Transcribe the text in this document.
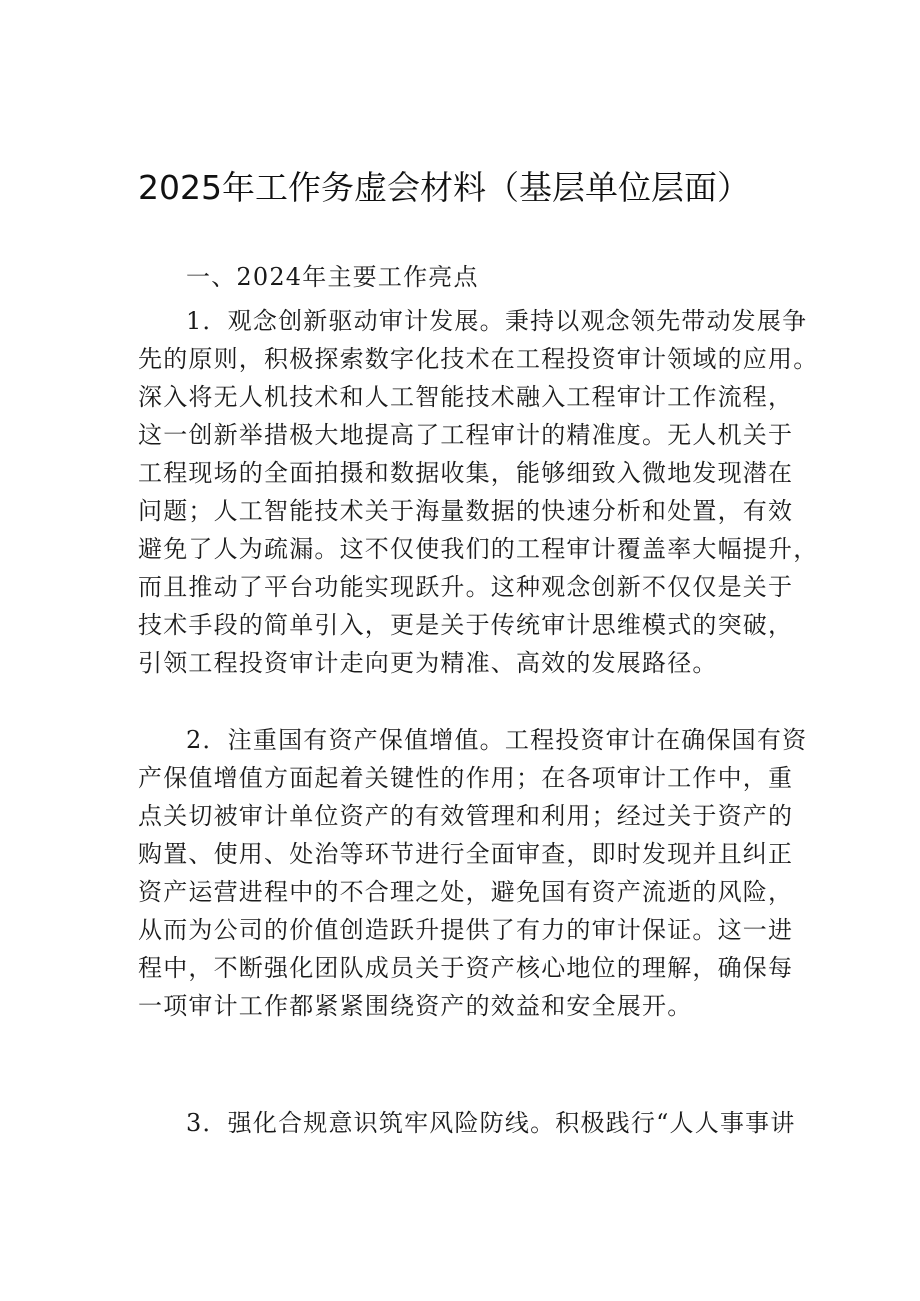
2025年工作务虚会材料（基层单位层面）
一、2024年主要工作亮点
1．观念创新驱动审计发展。秉持以观念领先带动发展争
先的原则，积极探索数字化技术在工程投资审计领域的应用。
深入将无人机技术和人工智能技术融入工程审计工作流程，
这一创新举措极大地提高了工程审计的精准度。无人机关于
工程现场的全面拍摄和数据收集，能够细致入微地发现潜在
问题；人工智能技术关于海量数据的快速分析和处置，有效
避免了人为疏漏。这不仅使我们的工程审计覆盖率大幅提升，
而且推动了平台功能实现跃升。这种观念创新不仅仅是关于
技术手段的简单引入，更是关于传统审计思维模式的突破，
引领工程投资审计走向更为精准、高效的发展路径。
2．注重国有资产保值增值。工程投资审计在确保国有资
产保值增值方面起着关键性的作用；在各项审计工作中，重
点关切被审计单位资产的有效管理和利用；经过关于资产的
购置、使用、处治等环节进行全面审查，即时发现并且纠正
资产运营进程中的不合理之处，避免国有资产流逝的风险，
从而为公司的价值创造跃升提供了有力的审计保证。这一进
程中，不断强化团队成员关于资产核心地位的理解，确保每
一项审计工作都紧紧围绕资产的效益和安全展开。
3．强化合规意识筑牢风险防线。积极践行“人人事事讲
